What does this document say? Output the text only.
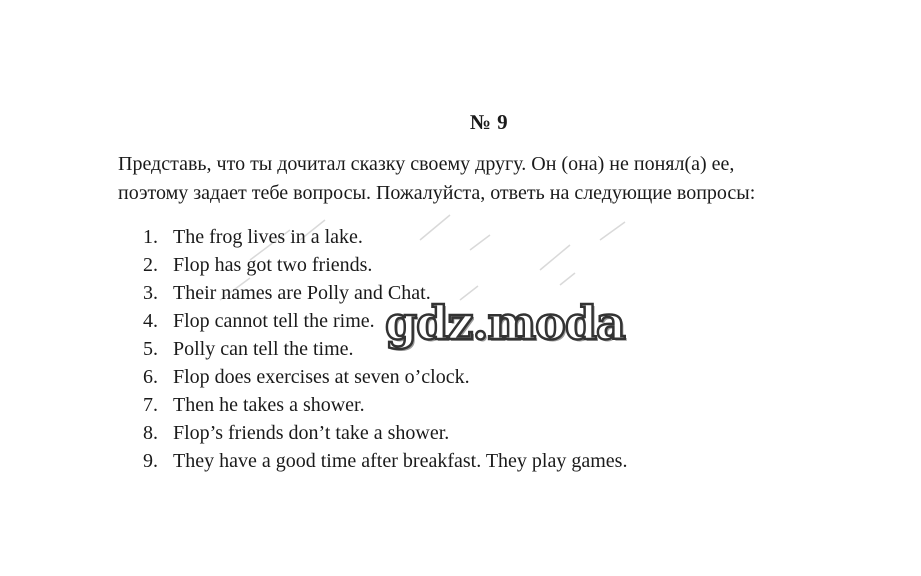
№ 9

Представь, что ты дочитал сказку своему другу. Он (она) не понял(а) ее,

поэтому задает тебе вопросы. Пожалуйста, ответь на следующие вопросы:

1. The frog lives in a lake.
2. Flop has got two friends.
3. Their names are Polly and Chat.
4. Flop cannot tell the rime.
5. Polly can tell the time.
6. Flop does exercises at seven o’clock.
7. Then he takes a shower.
8. Flop’s friends don’t take a shower.
9. They have a good time after breakfast. They play games.
gdz.moda
